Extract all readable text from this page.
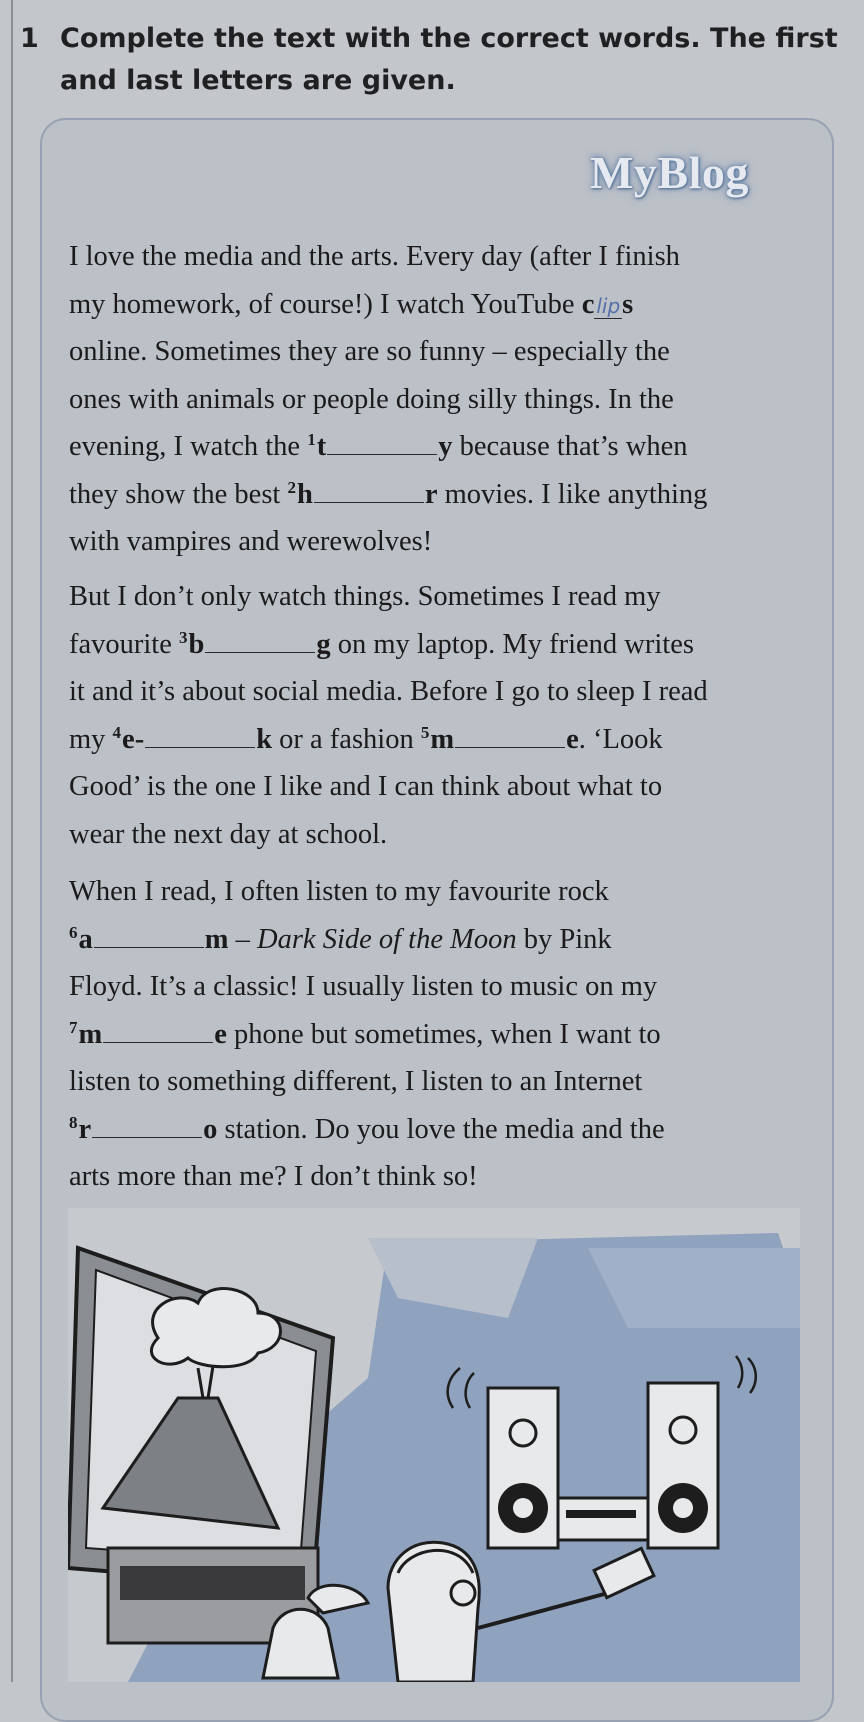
1 Complete the text with the correct words. The first
and last letters are given.
MyBlog
I love the media and the arts. Every day (after I finish
my homework, of course!) I watch YouTube c lips
online. Sometimes they are so funny – especially the
ones with animals or people doing silly things. In the
evening, I watch the $^1$t	y because that’s when
they show the best $^2$h	r movies. I like anything
with vampires and werewolves!
But I don’t only watch things. Sometimes I read my
favourite $^3$b	g on my laptop. My friend writes
it and it’s about social media. Before I go to sleep I read
my $^4$e-	k or a fashion $^5$m	e. ‘Look
Good’ is the one I like and I can think about what to
wear the next day at school.
When I read, I often listen to my favourite rock
$^6$a	m – Dark Side of the Moon by Pink
Floyd. It’s a classic! I usually listen to music on my
$^7$m	e phone but sometimes, when I want to
listen to something different, I listen to an Internet
$^8$r	o station. Do you love the media and the
arts more than me? I don’t think so!
